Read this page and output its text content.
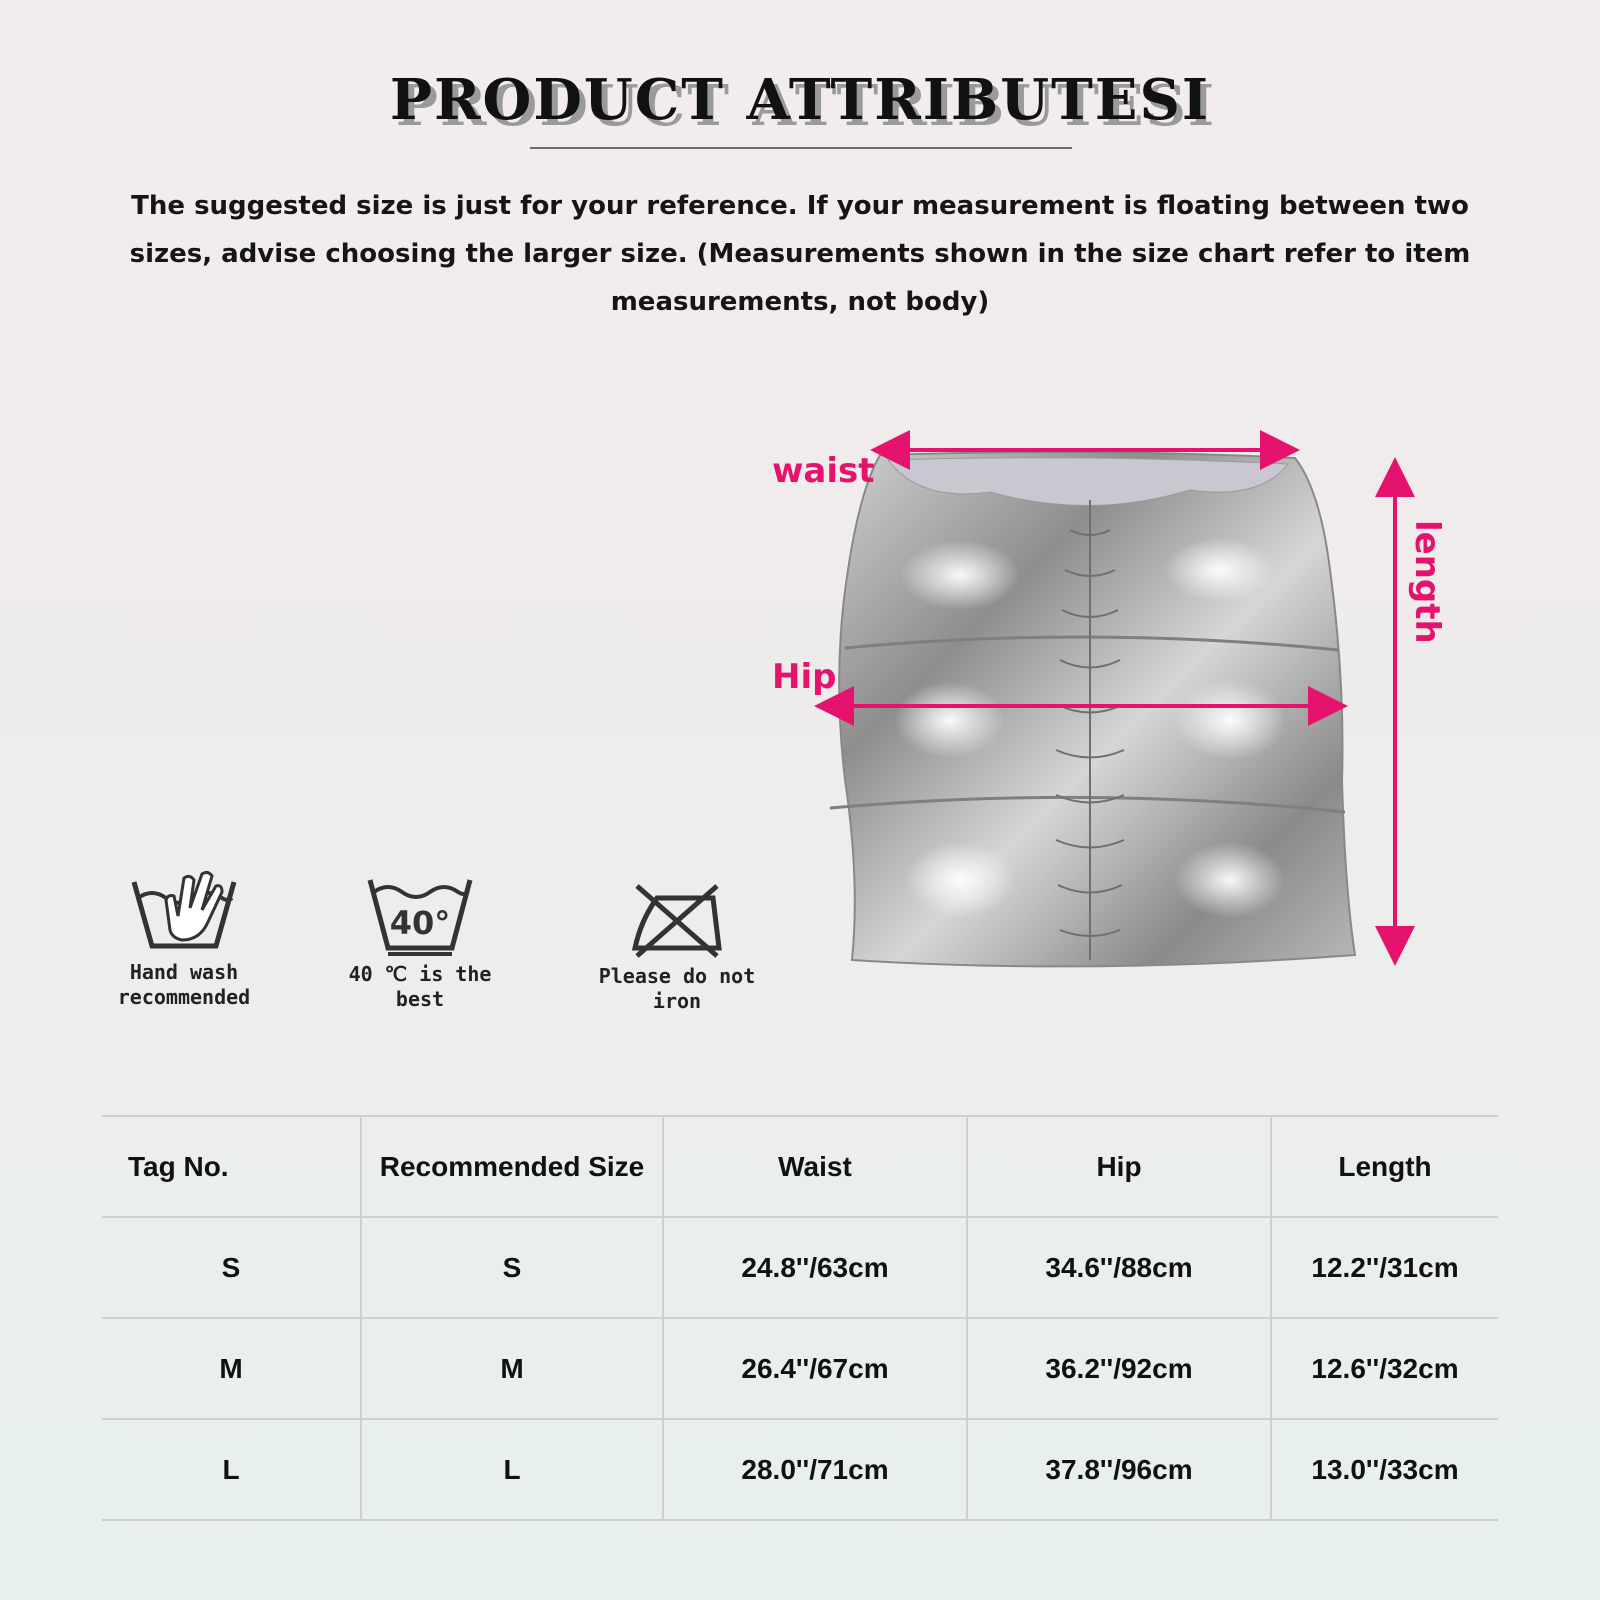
PRODUCT ATTRIBUTESI
The suggested size is just for your reference. If your measurement is floating between two sizes, advise choosing the larger size. (Measurements shown in the size chart refer to item measurements, not body)
waist
Hip
length
Hand wash
recommended
40°
40 ℃ is the best
Please do not iron
Tag No.	Recommended Size	Waist	Hip	Length
S	S	24.8''/63cm	34.6''/88cm	12.2''/31cm
M	M	26.4''/67cm	36.2''/92cm	12.6''/32cm
L	L	28.0''/71cm	37.8''/96cm	13.0''/33cm
